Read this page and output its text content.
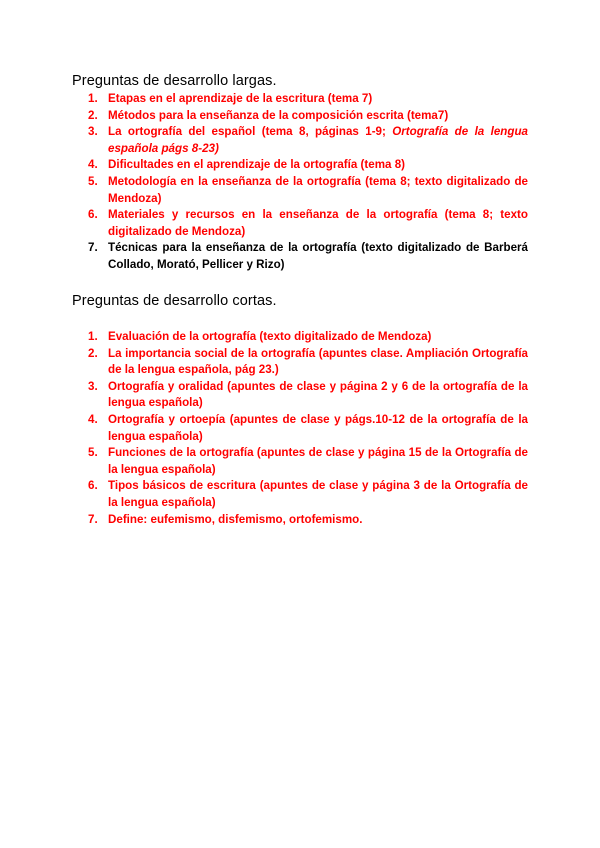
Preguntas de desarrollo largas.
1. Etapas en el aprendizaje de la escritura (tema 7)
2. Métodos para la enseñanza de la composición escrita (tema7)
3. La ortografía del español (tema 8, páginas 1-9; Ortografía de la lengua española págs 8-23)
4. Dificultades en el aprendizaje de la ortografía (tema 8)
5. Metodología en la enseñanza de la ortografía (tema 8; texto digitalizado de Mendoza)
6. Materiales y recursos en la enseñanza de la ortografía (tema 8; texto digitalizado de Mendoza)
7. Técnicas para la enseñanza de la ortografía (texto digitalizado de Barberá Collado, Morató, Pellicer y Rizo)
Preguntas de desarrollo cortas.
1. Evaluación de la ortografía (texto digitalizado de Mendoza)
2. La importancia social de la ortografía (apuntes clase. Ampliación Ortografía de la lengua española, pág 23.)
3. Ortografía y oralidad (apuntes de clase y página 2 y 6 de la ortografía de la lengua española)
4. Ortografía y ortoepía (apuntes de clase y págs.10-12 de la ortografía de la lengua española)
5. Funciones de la ortografía (apuntes de clase y página 15 de la Ortografía de la lengua española)
6. Tipos básicos de escritura (apuntes de clase y página 3 de la Ortografía de la lengua española)
7. Define: eufemismo, disfemismo, ortofemismo.
